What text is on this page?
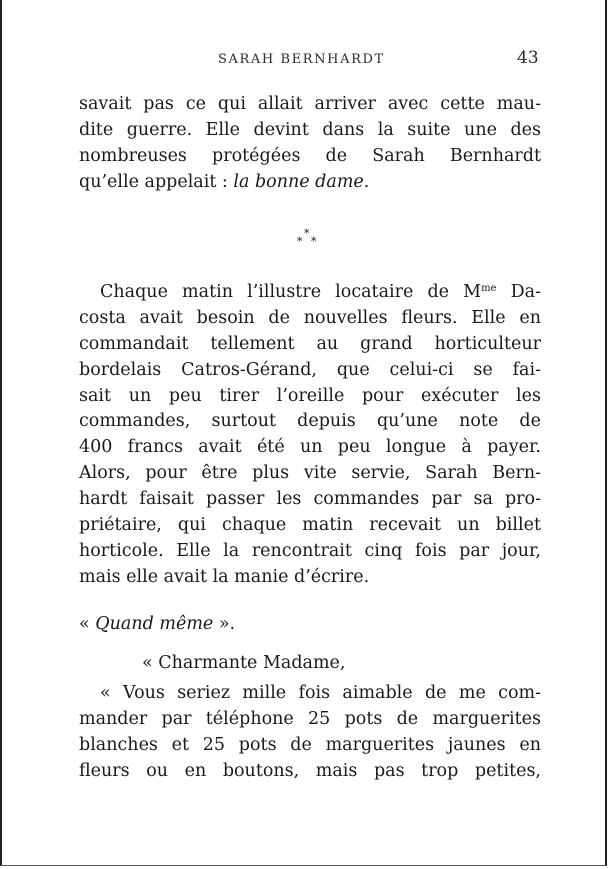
SARAH BERNHARDT	43
savait pas ce qui allait arriver avec cette mau-
dite guerre. Elle devint dans la suite une des
nombreuses protégées de Sarah Bernhardt
qu’elle appelait : la bonne dame.
*
* *
Chaque matin l’illustre locataire de $M^{me}$ Da-
costa avait besoin de nouvelles fleurs. Elle en
commandait tellement au grand horticulteur
bordelais Catros-Gérand, que celui-ci se fai-
sait un peu tirer l’oreille pour exécuter les
commandes, surtout depuis qu’une note de
400 francs avait été un peu longue à payer.
Alors, pour être plus vite servie, Sarah Bern-
hardt faisait passer les commandes par sa pro-
priétaire, qui chaque matin recevait un billet
horticole. Elle la rencontrait cinq fois par jour,
mais elle avait la manie d’écrire.
« Quand même ».
« Charmante Madame,
« Vous seriez mille fois aimable de me com-
mander par téléphone 25 pots de marguerites
blanches et 25 pots de marguerites jaunes en
fleurs ou en boutons, mais pas trop petites,
